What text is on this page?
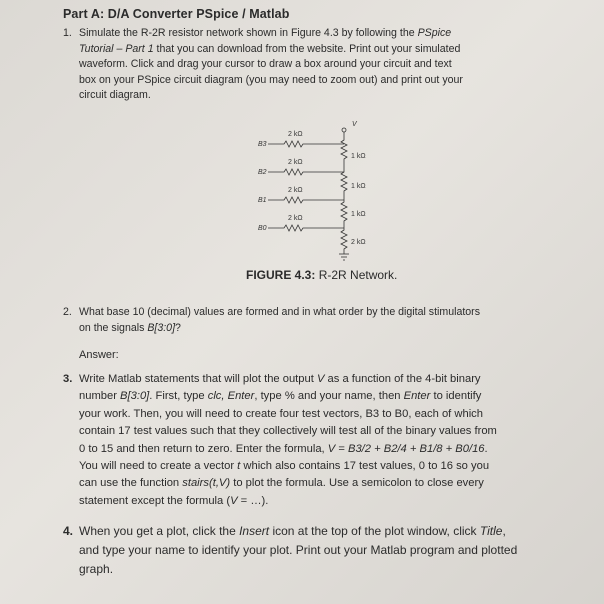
Part A: D/A Converter PSpice / Matlab
1. Simulate the R-2R resistor network shown in Figure 4.3 by following the PSpice
Tutorial – Part 1 that you can download from the website. Print out your simulated
waveform. Click and drag your cursor to draw a box around your circuit and text
box on your PSpice circuit diagram (you may need to zoom out) and print out your
circuit diagram.
V
2 kΩ
2 kΩ
2 kΩ
2 kΩ
1 kΩ
1 kΩ
1 kΩ
2 kΩ
B3
B2
B1
B0
FIGURE 4.3: R-2R Network.
2. What base 10 (decimal) values are formed and in what order by the digital stimulators
on the signals B[3:0]?
Answer:
3. Write Matlab statements that will plot the output V as a function of the 4-bit binary
number B[3:0]. First, type clc, Enter, type % and your name, then Enter to identify
your work. Then, you will need to create four test vectors, B3 to B0, each of which
contain 17 test values such that they collectively will test all of the binary values from
0 to 15 and then return to zero. Enter the formula, V = B3/2 + B2/4 + B1/8 + B0/16.
You will need to create a vector t which also contains 17 test values, 0 to 16 so you
can use the function stairs(t,V) to plot the formula. Use a semicolon to close every
statement except the formula (V = …).
4. When you get a plot, click the Insert icon at the top of the plot window, click Title,
and type your name to identify your plot. Print out your Matlab program and plotted
graph.
